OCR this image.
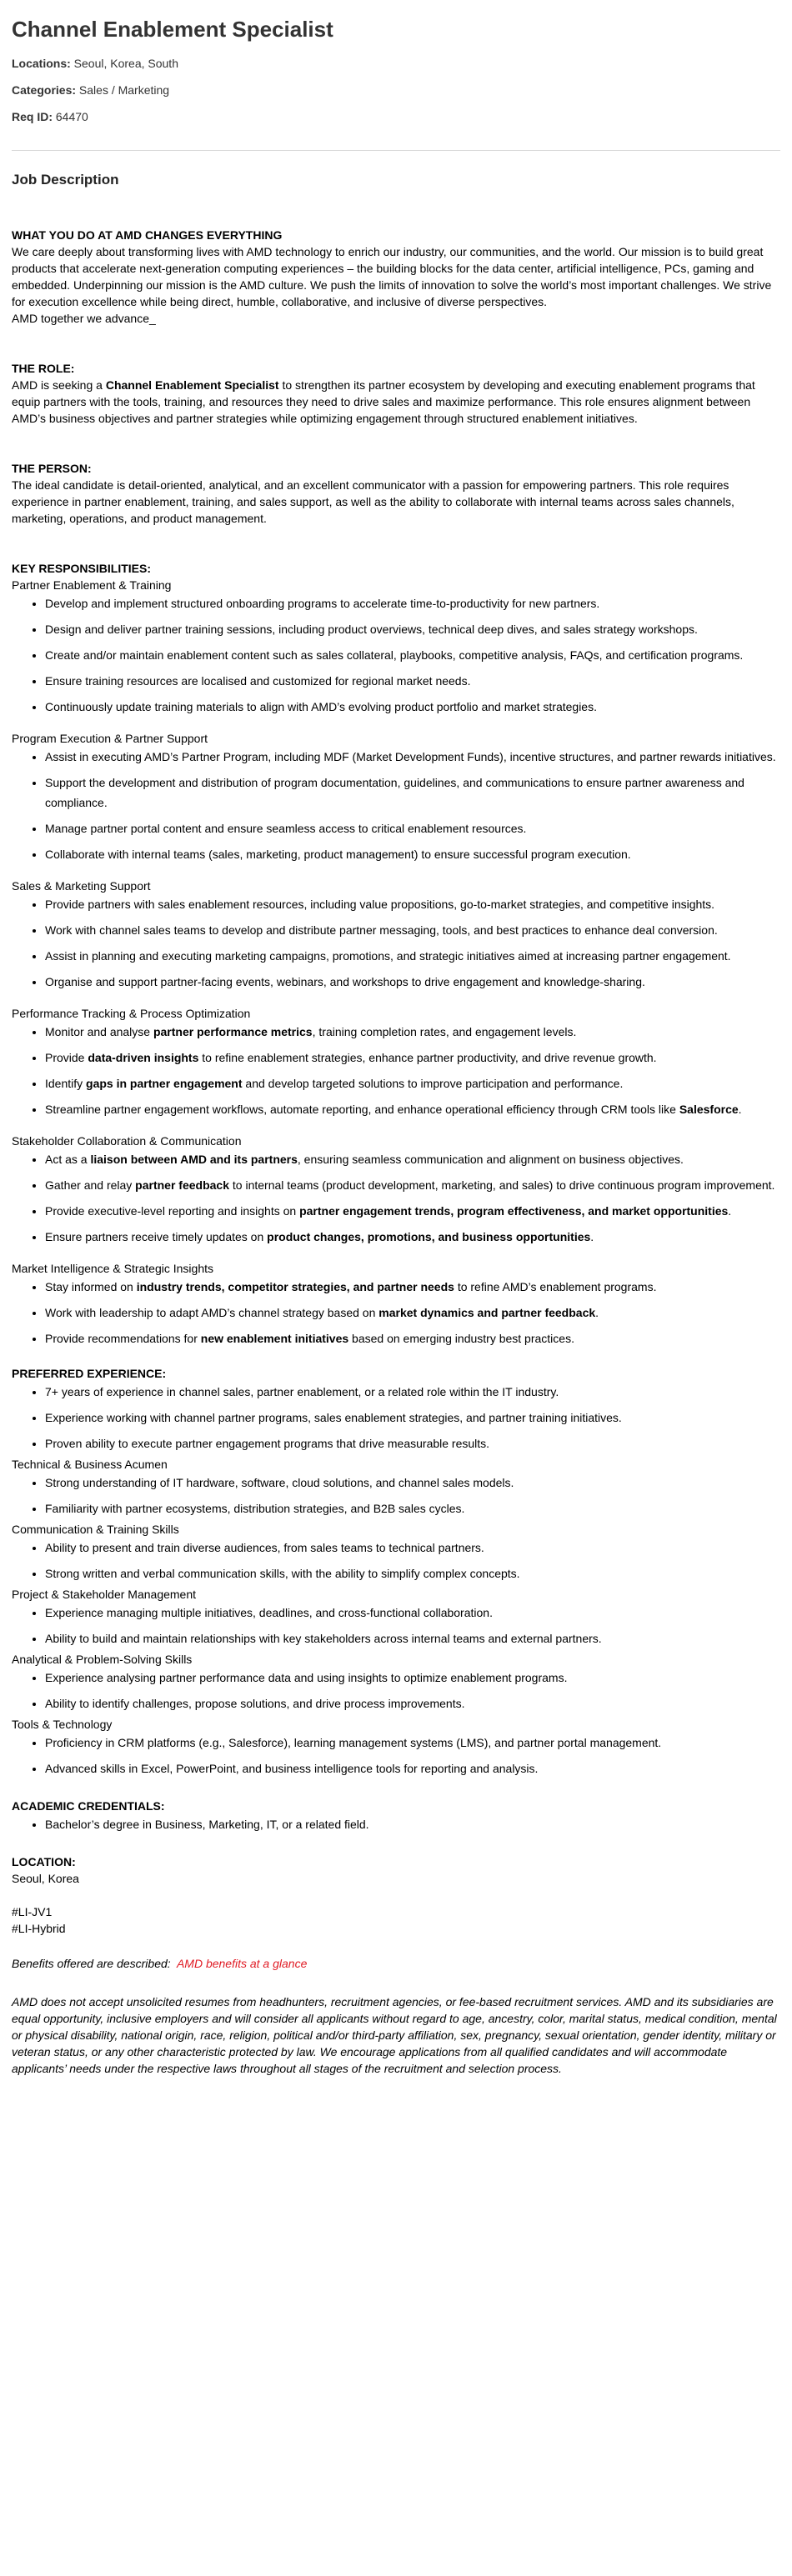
Channel Enablement Specialist
Locations: Seoul, Korea, South
Categories: Sales / Marketing
Req ID: 64470
Job Description

WHAT YOU DO AT AMD CHANGES EVERYTHING

We care deeply about transforming lives with AMD technology to enrich our industry, our communities, and the world. Our mission is to build great products that accelerate next-generation computing experiences – the building blocks for the data center, artificial intelligence, PCs, gaming and embedded. Underpinning our mission is the AMD culture. We push the limits of innovation to solve the world’s most important challenges. We strive for execution excellence while being direct, humble, collaborative, and inclusive of diverse perspectives.

AMD together we advance_

THE ROLE:

AMD is seeking a Channel Enablement Specialist to strengthen its partner ecosystem by developing and executing enablement programs that equip partners with the tools, training, and resources they need to drive sales and maximize performance. This role ensures alignment between AMD’s business objectives and partner strategies while optimizing engagement through structured enablement initiatives.

THE PERSON:

The ideal candidate is detail-oriented, analytical, and an excellent communicator with a passion for empowering partners. This role requires experience in partner enablement, training, and sales support, as well as the ability to collaborate with internal teams across sales channels, marketing, operations, and product management.

KEY RESPONSIBILITIES:

Partner Enablement & Training

• Develop and implement structured onboarding programs to accelerate time-to-productivity for new partners.
• Design and deliver partner training sessions, including product overviews, technical deep dives, and sales strategy workshops.
• Create and/or maintain enablement content such as sales collateral, playbooks, competitive analysis, FAQs, and certification programs.
• Ensure training resources are localised and customized for regional market needs.
• Continuously update training materials to align with AMD’s evolving product portfolio and market strategies.

Program Execution & Partner Support

• Assist in executing AMD’s Partner Program, including MDF (Market Development Funds), incentive structures, and partner rewards initiatives.
• Support the development and distribution of program documentation, guidelines, and communications to ensure partner awareness and compliance.
• Manage partner portal content and ensure seamless access to critical enablement resources.
• Collaborate with internal teams (sales, marketing, product management) to ensure successful program execution.

Sales & Marketing Support

• Provide partners with sales enablement resources, including value propositions, go-to-market strategies, and competitive insights.
• Work with channel sales teams to develop and distribute partner messaging, tools, and best practices to enhance deal conversion.
• Assist in planning and executing marketing campaigns, promotions, and strategic initiatives aimed at increasing partner engagement.
• Organise and support partner-facing events, webinars, and workshops to drive engagement and knowledge-sharing.

Performance Tracking & Process Optimization

• Monitor and analyse partner performance metrics, training completion rates, and engagement levels.
• Provide data-driven insights to refine enablement strategies, enhance partner productivity, and drive revenue growth.
• Identify gaps in partner engagement and develop targeted solutions to improve participation and performance.
• Streamline partner engagement workflows, automate reporting, and enhance operational efficiency through CRM tools like Salesforce.

Stakeholder Collaboration & Communication

• Act as a liaison between AMD and its partners, ensuring seamless communication and alignment on business objectives.
• Gather and relay partner feedback to internal teams (product development, marketing, and sales) to drive continuous program improvement.
• Provide executive-level reporting and insights on partner engagement trends, program effectiveness, and market opportunities.
• Ensure partners receive timely updates on product changes, promotions, and business opportunities.

Market Intelligence & Strategic Insights

• Stay informed on industry trends, competitor strategies, and partner needs to refine AMD’s enablement programs.
• Work with leadership to adapt AMD’s channel strategy based on market dynamics and partner feedback.
• Provide recommendations for new enablement initiatives based on emerging industry best practices.

PREFERRED EXPERIENCE:

• 7+ years of experience in channel sales, partner enablement, or a related role within the IT industry.
• Experience working with channel partner programs, sales enablement strategies, and partner training initiatives.
• Proven ability to execute partner engagement programs that drive measurable results.

Technical & Business Acumen

• Strong understanding of IT hardware, software, cloud solutions, and channel sales models.
• Familiarity with partner ecosystems, distribution strategies, and B2B sales cycles.

Communication & Training Skills

• Ability to present and train diverse audiences, from sales teams to technical partners.
• Strong written and verbal communication skills, with the ability to simplify complex concepts.

Project & Stakeholder Management

• Experience managing multiple initiatives, deadlines, and cross-functional collaboration.
• Ability to build and maintain relationships with key stakeholders across internal teams and external partners.

Analytical & Problem-Solving Skills

• Experience analysing partner performance data and using insights to optimize enablement programs.
• Ability to identify challenges, propose solutions, and drive process improvements.

Tools & Technology

• Proficiency in CRM platforms (e.g., Salesforce), learning management systems (LMS), and partner portal management.
• Advanced skills in Excel, PowerPoint, and business intelligence tools for reporting and analysis.

ACADEMIC CREDENTIALS:

• Bachelor’s degree in Business, Marketing, IT, or a related field.

LOCATION:

Seoul, Korea

#LI-JV1

#LI-Hybrid

Benefits offered are described: AMD benefits at a glance

AMD does not accept unsolicited resumes from headhunters, recruitment agencies, or fee-based recruitment services. AMD and its subsidiaries are equal opportunity, inclusive employers and will consider all applicants without regard to age, ancestry, color, marital status, medical condition, mental or physical disability, national origin, race, religion, political and/or third-party affiliation, sex, pregnancy, sexual orientation, gender identity, military or veteran status, or any other characteristic protected by law. We encourage applications from all qualified candidates and will accommodate applicants’ needs under the respective laws throughout all stages of the recruitment and selection process.
